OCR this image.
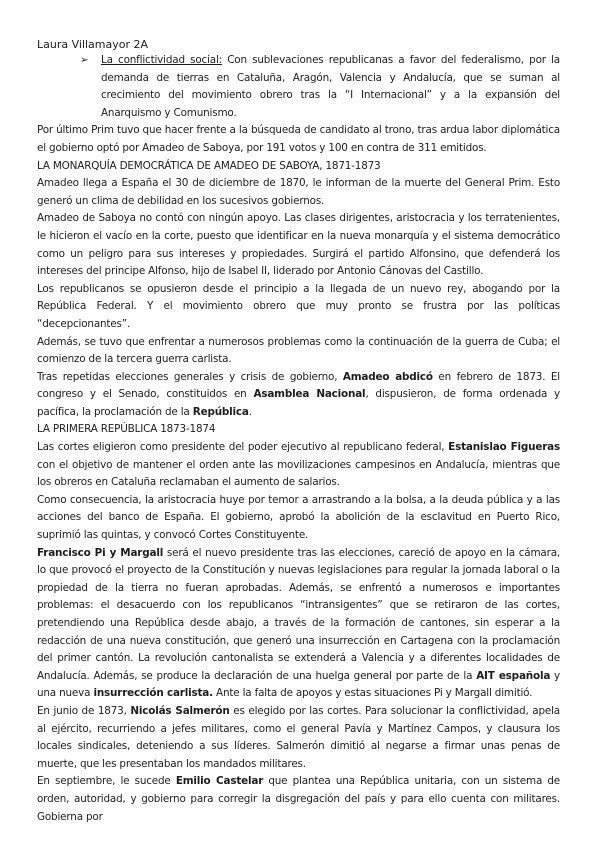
Laura Villamayor 2A
➢	La conflictividad social: Con sublevaciones republicanas a favor del federalismo, por la demanda de tierras en Cataluña, Aragón, Valencia y Andalucía, que se suman al crecimiento del movimiento obrero tras la “I Internacional” y a la expansión del Anarquismo y Comunismo.

Por último Prim tuvo que hacer frente a la búsqueda de candidato al trono, tras ardua labor diplomática el gobierno optó por Amadeo de Saboya, por 191 votos y 100 en contra de 311 emitidos.

LA MONARQUÍA DEMOCRÁTICA DE AMADEO DE SABOYA, 1871-1873

Amadeo llega a España el 30 de diciembre de 1870, le informan de la muerte del General Prim. Esto generó un clima de debilidad en los sucesivos gobiernos.

Amadeo de Saboya no contó con ningún apoyo. Las clases dirigentes, aristocracia y los terratenientes, le hicieron el vacío en la corte, puesto que identificar en la nueva monarquía y el sistema democrático como un peligro para sus intereses y propiedades. Surgirá el partido Alfonsino, que defenderá los intereses del principe Alfonso, hijo de Isabel II, liderado por Antonio Cánovas del Castillo.

Los republicanos se opusieron desde el principio a la llegada de un nuevo rey, abogando por la República Federal. Y el movimiento obrero que muy pronto se frustra por las políticas “decepcionantes”.

Además, se tuvo que enfrentar a numerosos problemas como la continuación de la guerra de Cuba; el comienzo de la tercera guerra carlista.

Tras repetidas elecciones generales y crisis de gobierno, Amadeo abdicó en febrero de 1873. El congreso y el Senado, constituidos en Asamblea Nacional, dispusieron, de forma ordenada y pacífica, la proclamación de la República.

LA PRIMERA REPÚBLICA 1873-1874

Las cortes eligieron como presidente del poder ejecutivo al republicano federal, Estanislao Figueras con el objetivo de mantener el orden ante las movilizaciones campesinos en Andalucía, mientras que los obreros en Cataluña reclamaban el aumento de salarios.

Como consecuencia, la aristocracia huye por temor a arrastrando a la bolsa, a la deuda pública y a las acciones del banco de España. El gobierno, aprobó la abolición de la esclavitud en Puerto Rico, suprimió las quintas, y convocó Cortes Constituyente.

Francisco Pi y Margall será el nuevo presidente tras las elecciones, careció de apoyo en la cámara, lo que provocó el proyecto de la Constitución y nuevas legislaciones para regular la jornada laboral o la propiedad de la tierra no fueran aprobadas. Además, se enfrentó a numerosos e importantes problemas: el desacuerdo con los republicanos “intransigentes” que se retiraron de las cortes, pretendiendo una República desde abajo, a través de la formación de cantones, sin esperar a la redacción de una nueva constitución, que generó una insurrección en Cartagena con la proclamación del primer cantón. La revolución cantonalista se extenderá a Valencia y a diferentes localidades de Andalucía. Además, se produce la declaración de una huelga general por parte de la AIT española y una nueva insurrección carlista. Ante la falta de apoyos y estas situaciones Pi y Margall dimitió.

En junio de 1873, Nicolás Salmerón es elegido por las cortes. Para solucionar la conflictividad, apela al ejército, recurriendo a jefes militares, como el general Pavía y Martínez Campos, y clausura los locales sindicales, deteniendo a sus líderes. Salmerón dimitió al negarse a firmar unas penas de muerte, que les presentaban los mandados militares.

En septiembre, le sucede Emilio Castelar que plantea una República unitaria, con un sistema de orden, autoridad, y gobierno para corregir la disgregación del país y para ello cuenta con militares. Gobierna por
